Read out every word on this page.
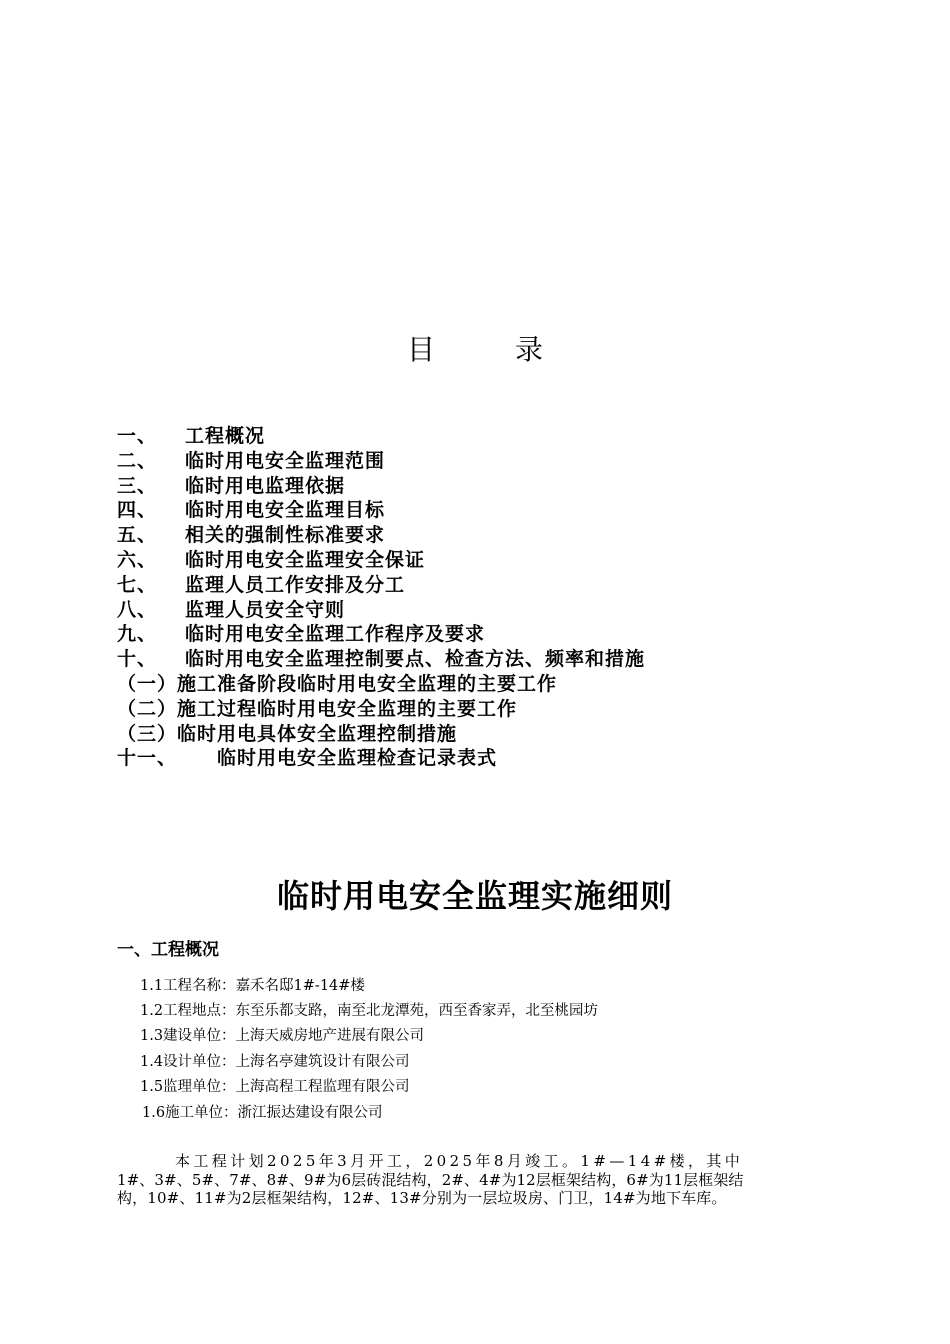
目	录
一、 工程概况
二、 临时用电安全监理范围
三、 临时用电监理依据
四、 临时用电安全监理目标
五、 相关的强制性标准要求
六、 临时用电安全监理安全保证
七、 监理人员工作安排及分工
八、 监理人员安全守则
九、 临时用电安全监理工作程序及要求
十、 临时用电安全监理控制要点、检查方法、频率和措施
（一）施工准备阶段临时用电安全监理的主要工作
（二）施工过程临时用电安全监理的主要工作
（三）临时用电具体安全监理控制措施
十一、 临时用电安全监理检查记录表式
临时用电安全监理实施细则
一、工程概况
1.1工程名称：嘉禾名邸1#-14#楼
1.2工程地点：东至乐都支路，南至北龙潭苑，西至香家弄，北至桃园坊
1.3建设单位：上海天威房地产进展有限公司
1.4设计单位：上海名亭建筑设计有限公司
1.5监理单位：上海高程工程监理有限公司
1.6施工单位：浙江振达建设有限公司
本工程计划2025年3月开工，2025年8月竣工。1#—14#楼，其中
1#、3#、5#、7#、8#、9#为6层砖混结构，2#、4#为12层框架结构，6#为11层框架结
构，10#、11#为2层框架结构，12#、13#分别为一层垃圾房、门卫，14#为地下车库。
